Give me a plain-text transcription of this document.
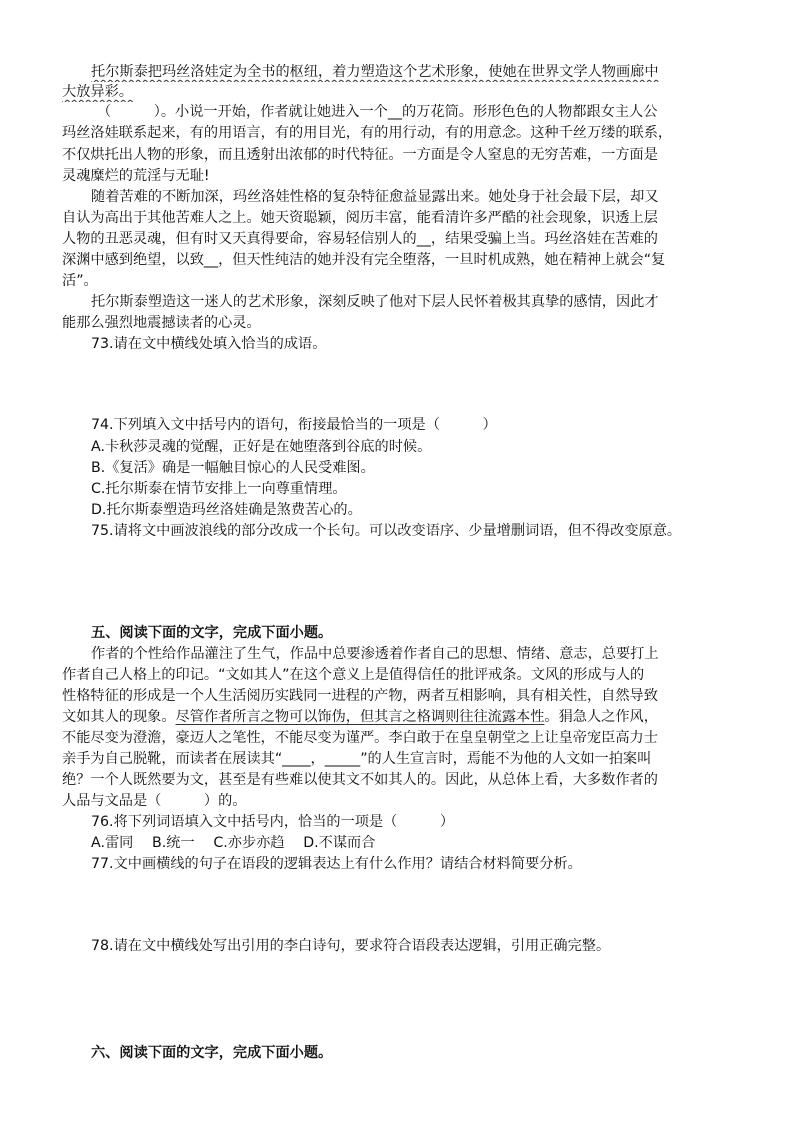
托尔斯泰把玛丝洛娃定为全书的枢纽，着力塑造这个艺术形象，使她在世界文学人物画廊中
大放异彩。
（　　　）。小说一开始，作者就让她进入一个__的万花筒。形形色色的人物都跟女主人公
玛丝洛娃联系起来，有的用语言，有的用目光，有的用行动，有的用意念。这种千丝万缕的联系，
不仅烘托出人物的形象，而且透射出浓郁的时代特征。一方面是令人窒息的无穷苦难，一方面是
灵魂糜烂的荒淫与无耻!
随着苦难的不断加深，玛丝洛娃性格的复杂特征愈益显露出来。她处身于社会最下层，却又
自认为高出于其他苦难人之上。她天资聪颖，阅历丰富，能看清许多严酷的社会现象，识透上层
人物的丑恶灵魂，但有时又天真得要命，容易轻信别人的__，结果受骗上当。玛丝洛娃在苦难的
深渊中感到绝望，以致__，但天性纯洁的她并没有完全堕落，一旦时机成熟，她在精神上就会“复
活”。
托尔斯泰塑造这一迷人的艺术形象，深刻反映了他对下层人民怀着极其真挚的感情，因此才
能那么强烈地震撼读者的心灵。
73.请在文中横线处填入恰当的成语。
74.下列填入文中括号内的语句，衔接最恰当的一项是（　　　）
A.卡秋莎灵魂的觉醒，正好是在她堕落到谷底的时候。
B.《复活》确是一幅触目惊心的人民受难图。
C.托尔斯泰在情节安排上一向尊重情理。
D.托尔斯泰塑造玛丝洛娃确是煞费苦心的。
75.请将文中画波浪线的部分改成一个长句。可以改变语序、少量增删词语，但不得改变原意。
五、阅读下面的文字，完成下面小题。
作者的个性给作品灌注了生气，作品中总要渗透着作者自己的思想、情绪、意志，总要打上
作者自己人格上的印记。“文如其人”在这个意义上是值得信任的批评戒条。文风的形成与人的
性格特征的形成是一个人生活阅历实践同一进程的产物，两者互相影响，具有相关性，自然导致
文如其人的现象。尽管作者所言之物可以饰伪，但其言之格调则往往流露本性。狷急人之作风，
不能尽变为澄澹，豪迈人之笔性，不能尽变为谨严。李白敢于在皇皇朝堂之上让皇帝宠臣高力士
亲手为自己脱靴，而读者在展读其“____，_____”的人生宣言时，焉能不为他的人文如一拍案叫
绝？一个人既然要为文，甚至是有些难以使其文不如其人的。因此，从总体上看，大多数作者的
人品与文品是（　　　）的。
76.将下列词语填入文中括号内，恰当的一项是（　　　）
A.雷同　 B.统一　 C.亦步亦趋　 D.不谋而合
77.文中画横线的句子在语段的逻辑表达上有什么作用？请结合材料简要分析。
78.请在文中横线处写出引用的李白诗句，要求符合语段表达逻辑，引用正确完整。
六、阅读下面的文字，完成下面小题。
